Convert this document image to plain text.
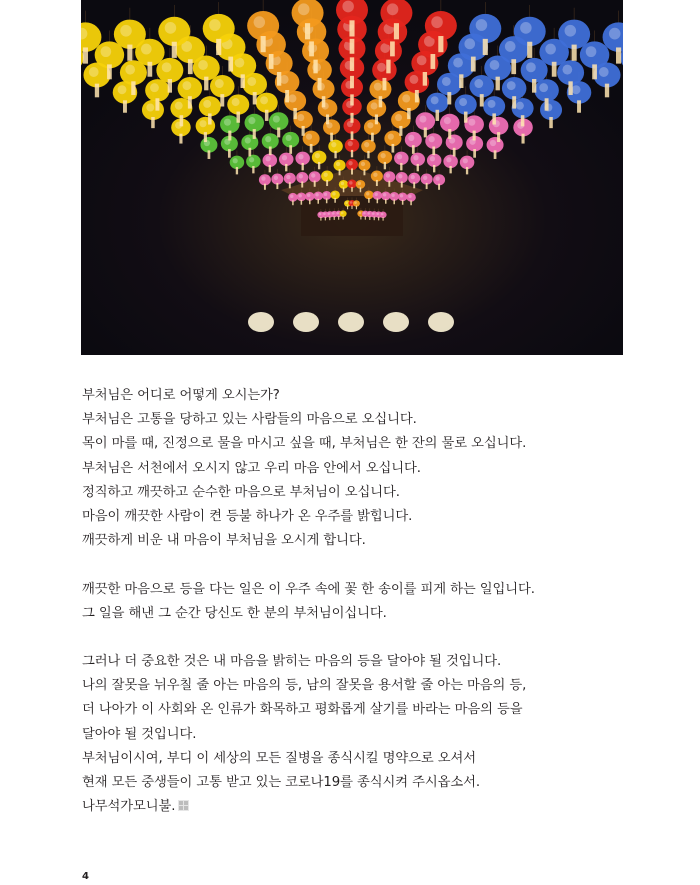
부처님은 어디로 어떻게 오시는가?

부처님은 고통을 당하고 있는 사람들의 마음으로 오십니다.

목이 마를 때, 진정으로 물을 마시고 싶을 때, 부처님은 한 잔의 물로 오십니다.

부처님은 서천에서 오시지 않고 우리 마음 안에서 오십니다.

정직하고 깨끗하고 순수한 마음으로 부처님이 오십니다.

마음이 깨끗한 사람이 켠 등불 하나가 온 우주를 밝힙니다.

깨끗하게 비운 내 마음이 부처님을 오시게 합니다.

깨끗한 마음으로 등을 다는 일은 이 우주 속에 꽃 한 송이를 피게 하는 일입니다.

그 일을 해낸 그 순간 당신도 한 분의 부처님이십니다.

그러나 더 중요한 것은 내 마음을 밝히는 마음의 등을 달아야 될 것입니다.

나의 잘못을 뉘우칠 줄 아는 마음의 등, 남의 잘못을 용서할 줄 아는 마음의 등,

더 나아가 이 사회와 온 인류가 화목하고 평화롭게 살기를 바라는 마음의 등을

달아야 될 것입니다.

부처님이시여, 부디 이 세상의 모든 질병을 종식시킬 명약으로 오셔서

현재 모든 중생들이 고통 받고 있는 코로나19를 종식시켜 주시옵소서.

나무석가모니불.

4
